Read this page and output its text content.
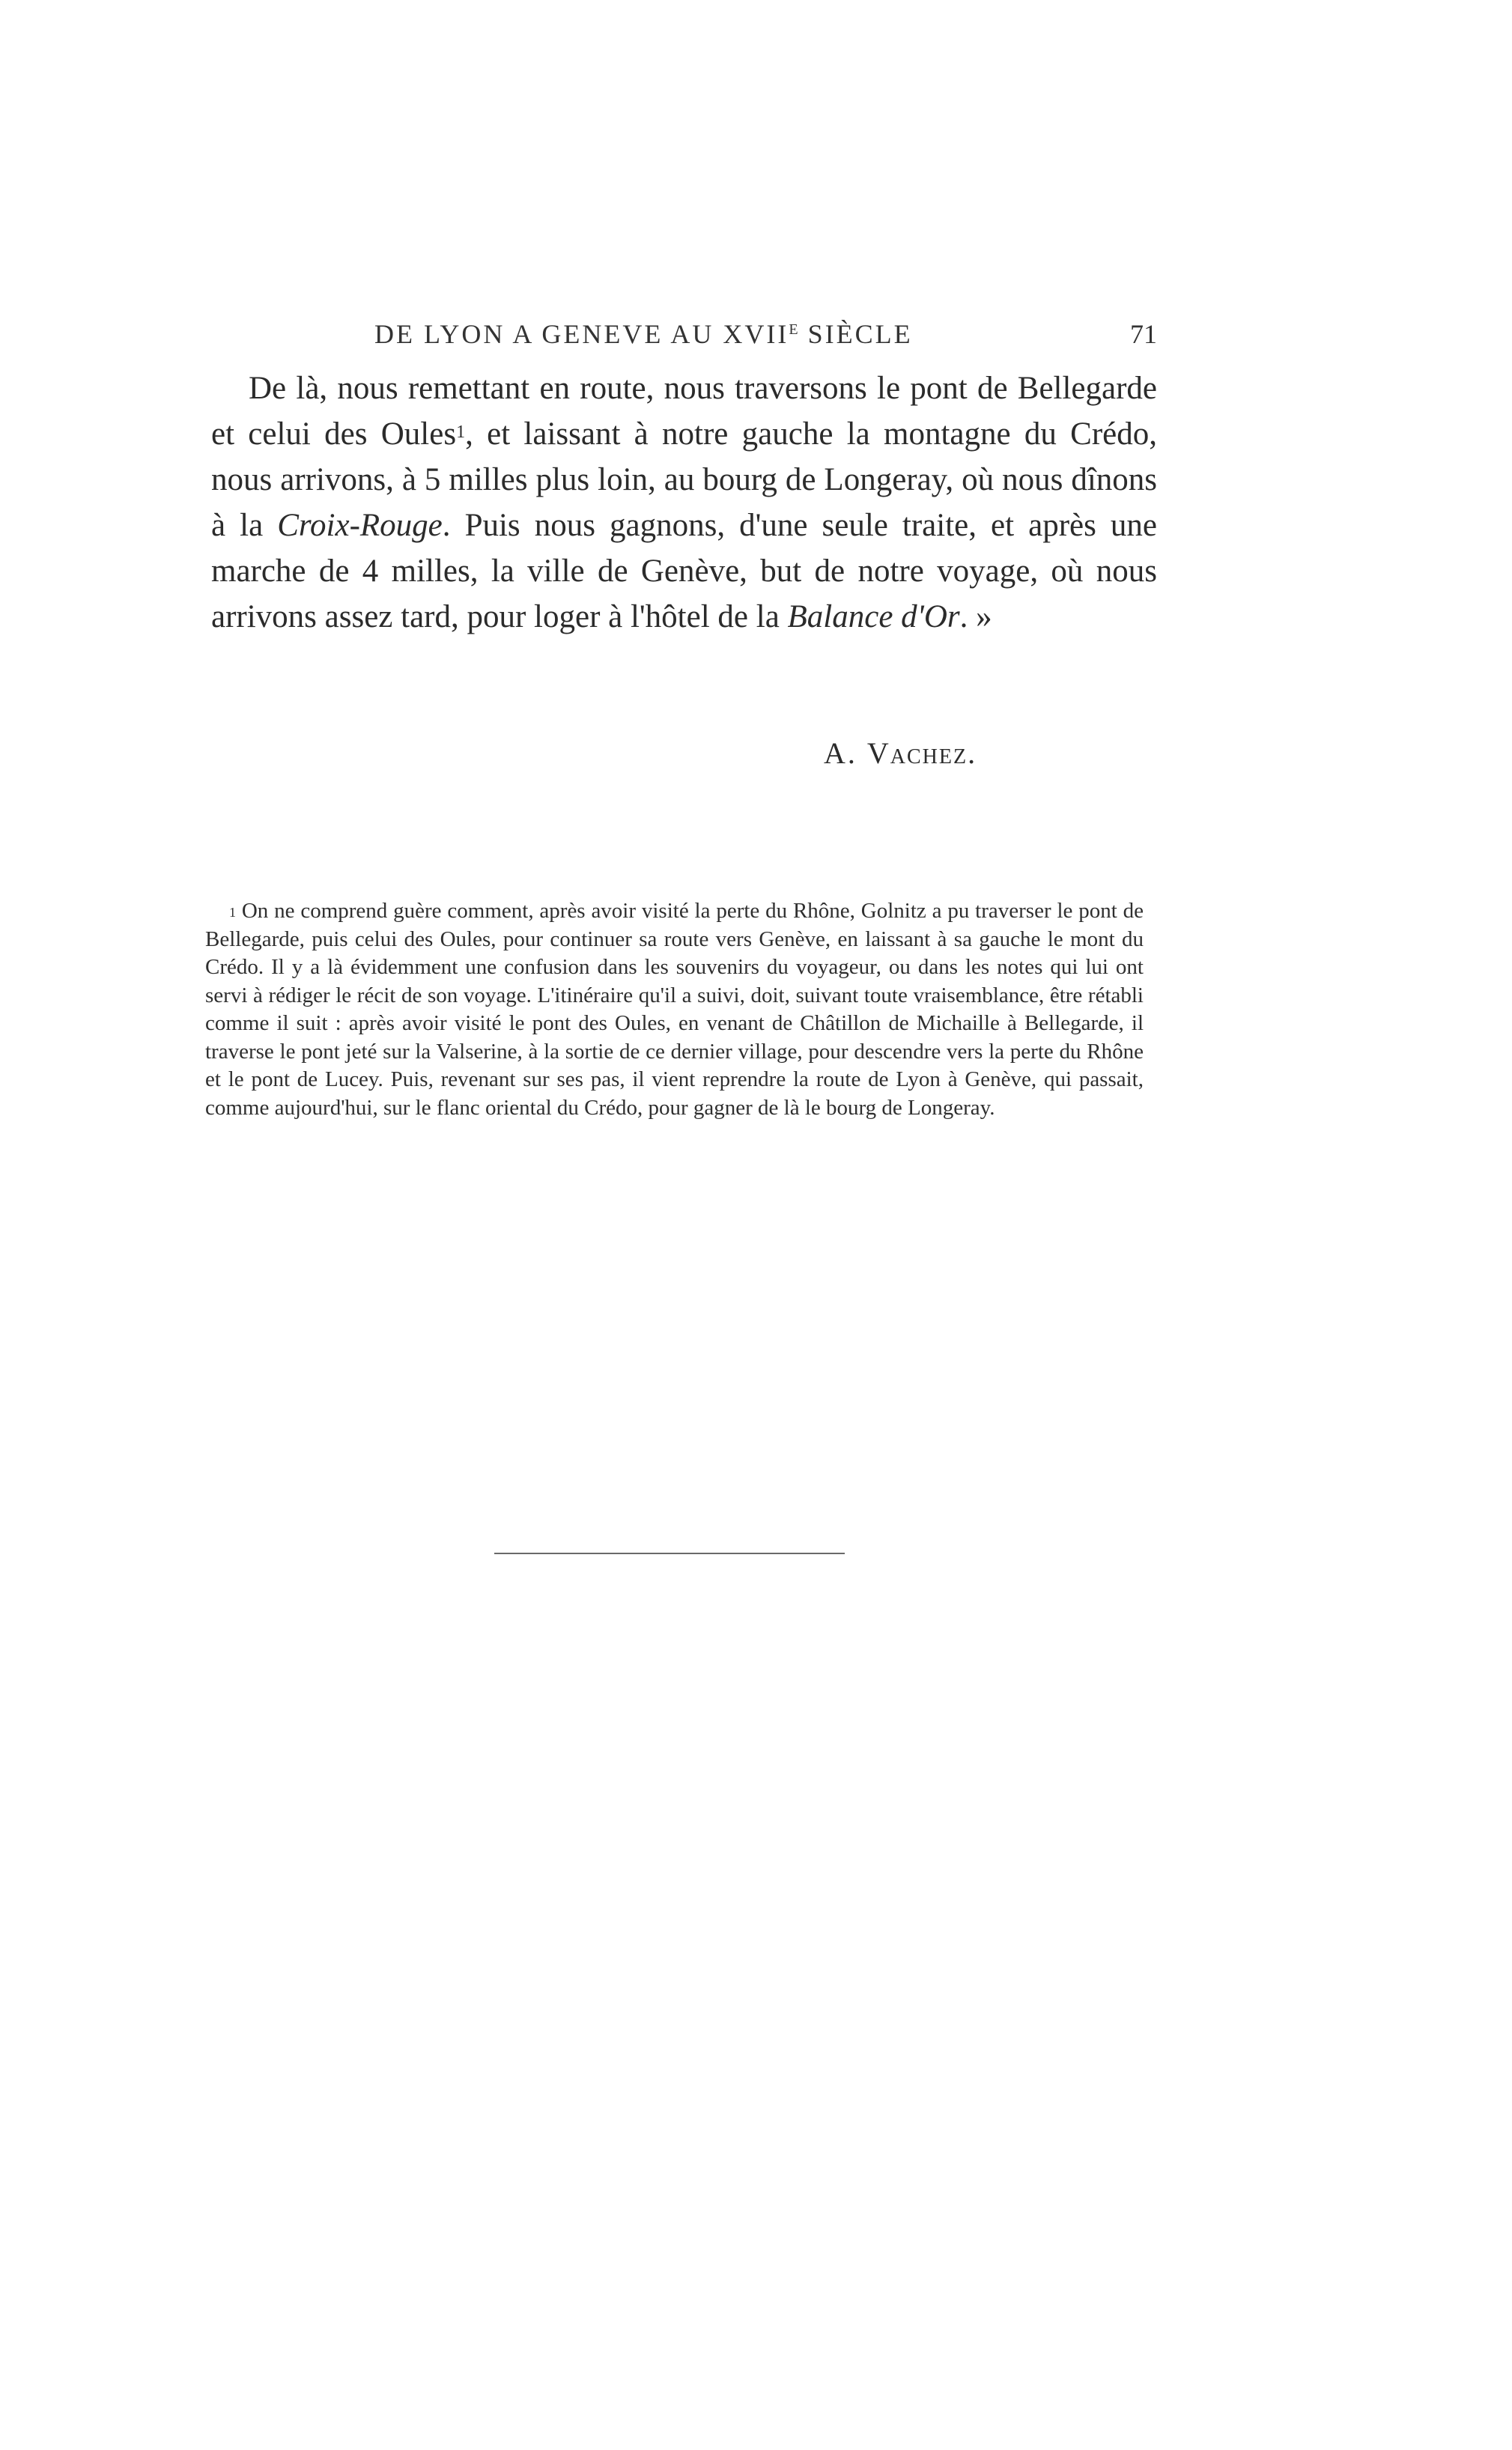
DE LYON A GENEVE AU $XVII^E$ SIÈCLE	71

De là, nous remettant en route, nous traversons le pont de Bellegarde et celui des Oules$^1$, et laissant à notre gauche la montagne du Crédo, nous arrivons, à 5 milles plus loin, au bourg de Longeray, où nous dînons à la Croix-Rouge. Puis nous gagnons, d'une seule traite, et après une marche de 4 milles, la ville de Genève, but de notre voyage, où nous arrivons assez tard, pour loger à l'hôtel de la Balance d'Or. »

A. Vachez.

$^1$ On ne comprend guère comment, après avoir visité la perte du Rhône, Golnitz a pu traverser le pont de Bellegarde, puis celui des Oules, pour continuer sa route vers Genève, en laissant à sa gauche le mont du Crédo. Il y a là évidemment une confusion dans les souvenirs du voyageur, ou dans les notes qui lui ont servi à rédiger le récit de son voyage. L'itinéraire qu'il a suivi, doit, suivant toute vraisemblance, être rétabli comme il suit : après avoir visité le pont des Oules, en venant de Châtillon de Michaille à Bellegarde, il traverse le pont jeté sur la Valserine, à la sortie de ce dernier village, pour descendre vers la perte du Rhône et le pont de Lucey. Puis, revenant sur ses pas, il vient reprendre la route de Lyon à Genève, qui passait, comme aujourd'hui, sur le flanc oriental du Crédo, pour gagner de là le bourg de Longeray.
